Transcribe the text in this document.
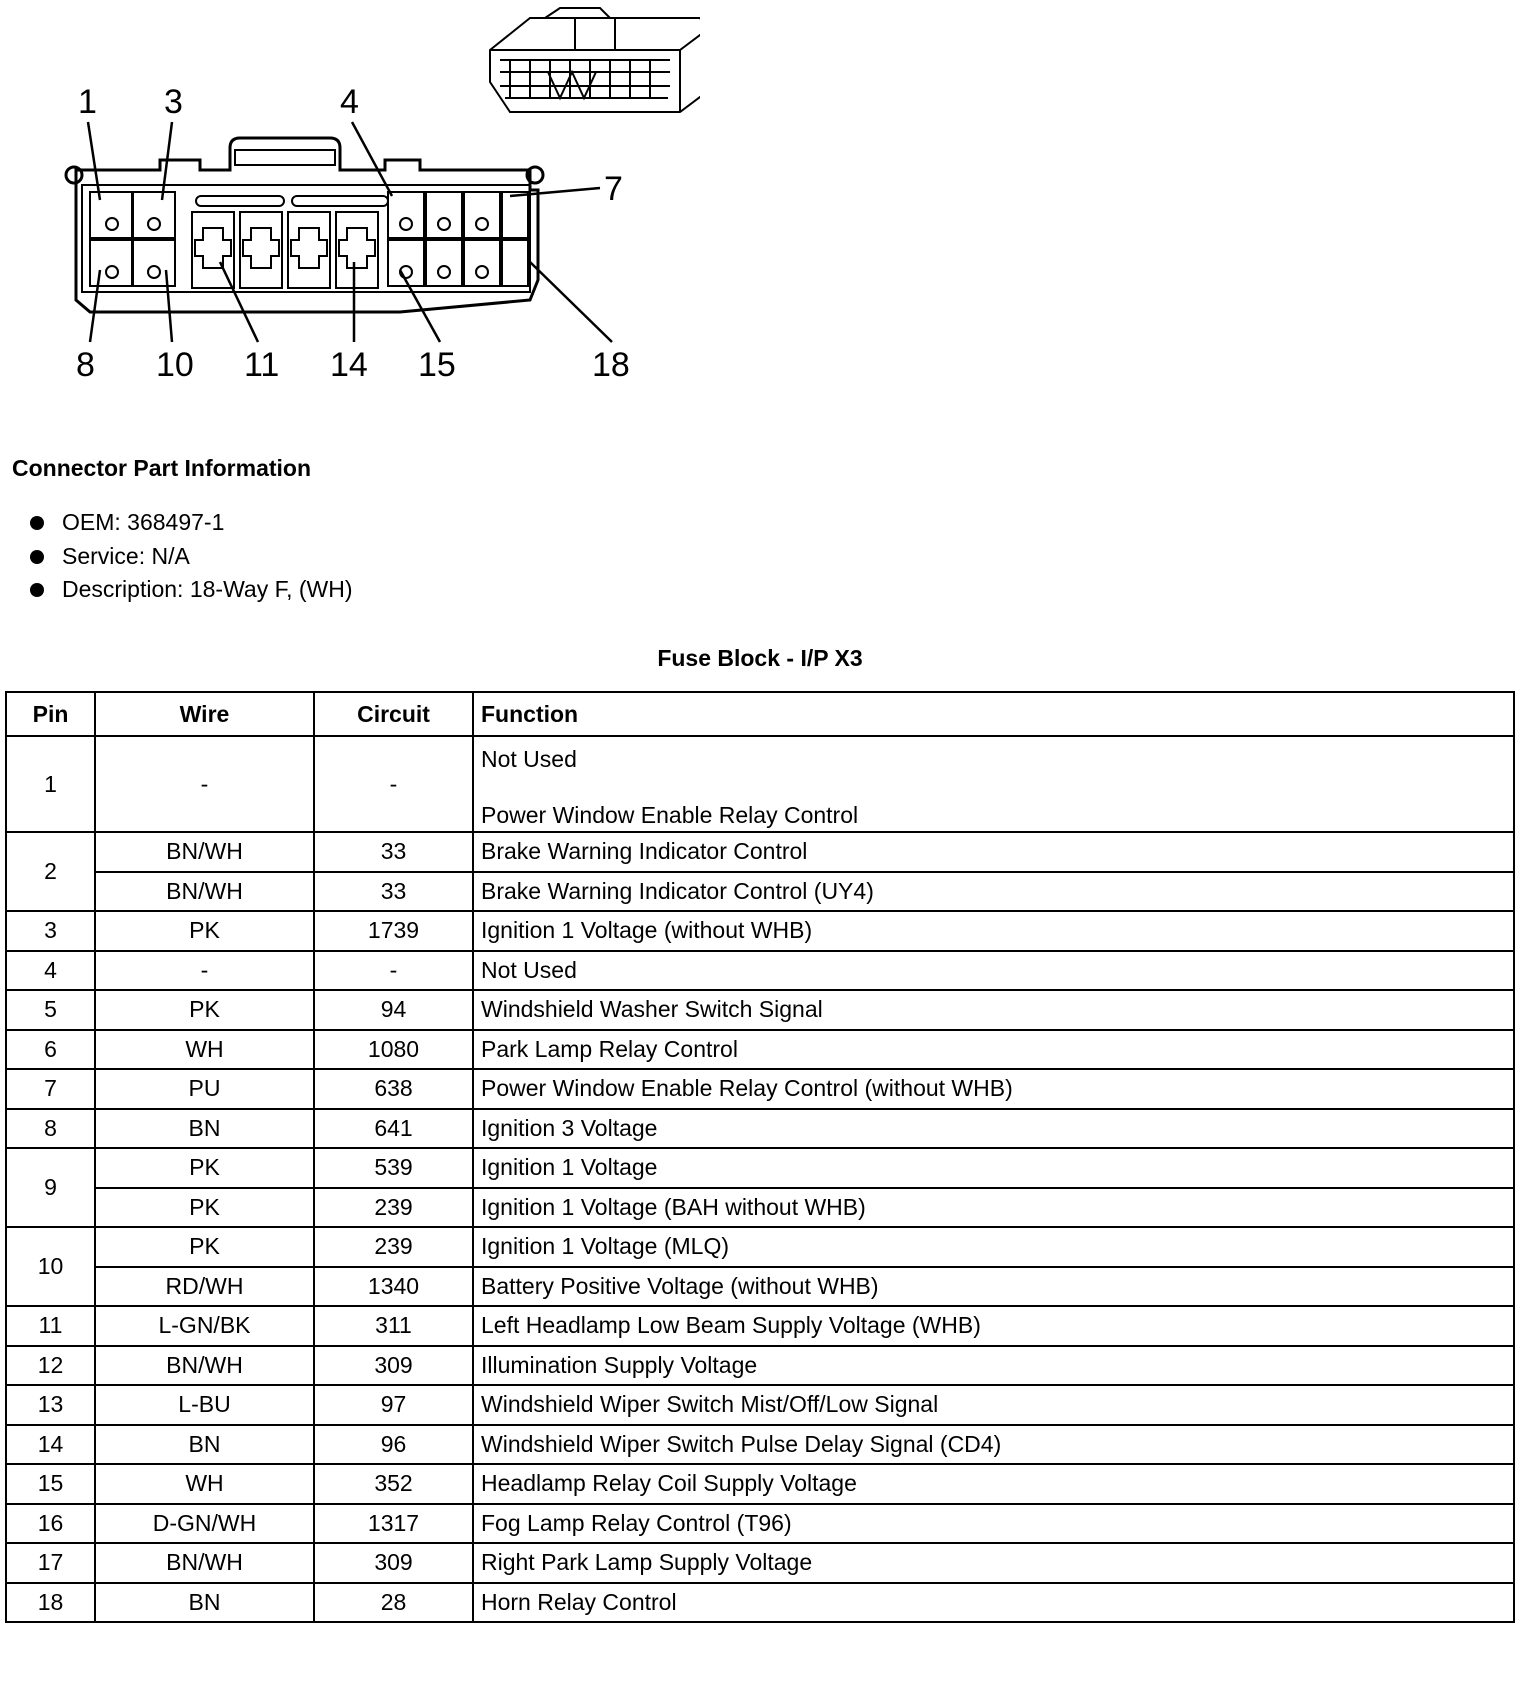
1 3	4
7
8 10 11 14 15	18
Connector Part Information
OEM: 368497-1
Service: N/A
Description: 18-Way F, (WH)
Fuse Block - I/P X3
Pin	Wire	Circuit	Function
1	-	-	Not Used
Power Window Enable Relay Control

2	BN/WH	33	Brake Warning Indicator Control
	BN/WH	33	Brake Warning Indicator Control (UY4)
3	PK	1739	Ignition 1 Voltage (without WHB)
4	-	-	Not Used
5	PK	94	Windshield Washer Switch Signal
6	WH	1080	Park Lamp Relay Control
7	PU	638	Power Window Enable Relay Control (without WHB)
8	BN	641	Ignition 3 Voltage
9	PK	539	Ignition 1 Voltage
	PK	239	Ignition 1 Voltage (BAH without WHB)
10	PK	239	Ignition 1 Voltage (MLQ)
	RD/WH	1340	Battery Positive Voltage (without WHB)
11	L-GN/BK	311	Left Headlamp Low Beam Supply Voltage (WHB)
12	BN/WH	309	Illumination Supply Voltage
13	L-BU	97	Windshield Wiper Switch Mist/Off/Low Signal
14	BN	96	Windshield Wiper Switch Pulse Delay Signal (CD4)
15	WH	352	Headlamp Relay Coil Supply Voltage
16	D-GN/WH	1317	Fog Lamp Relay Control (T96)
17	BN/WH	309	Right Park Lamp Supply Voltage
18	BN	28	Horn Relay Control
